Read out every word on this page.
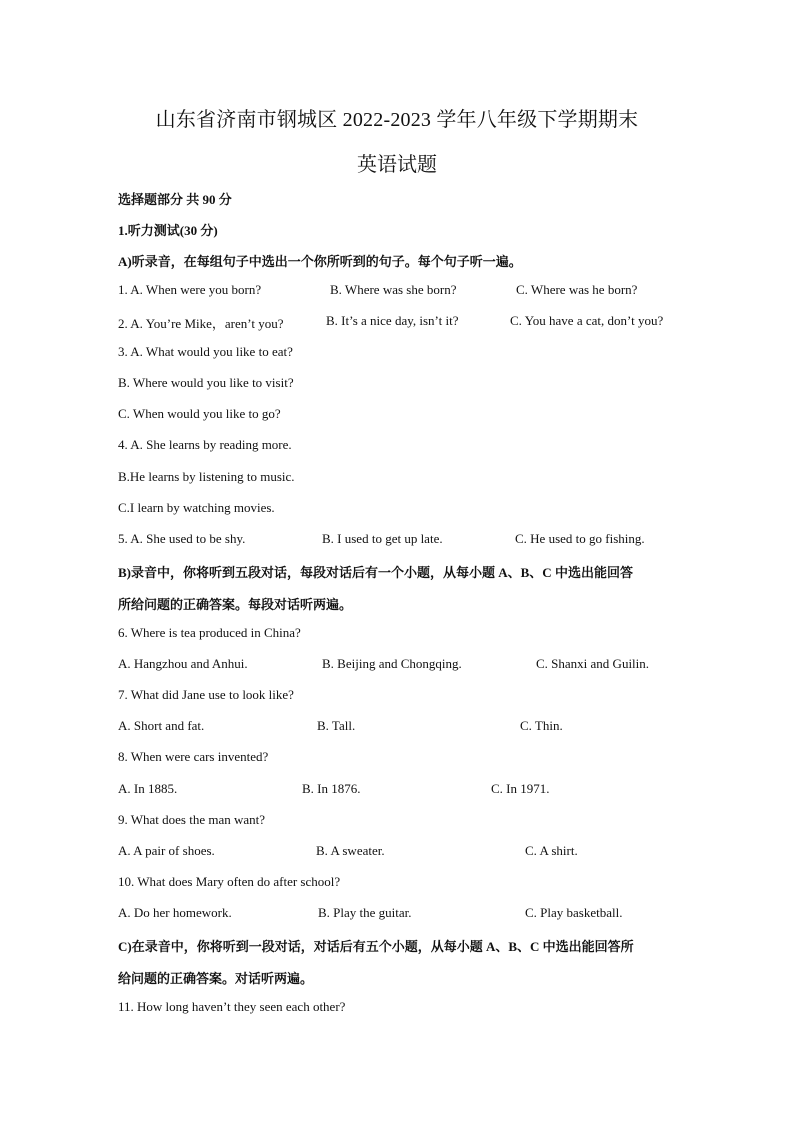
山东省济南市钢城区 2022-2023 学年八年级下学期期末
英语试题
选择题部分 共 90 分
1.听力测试(30 分)
A)听录音，在每组句子中选出一个你所听到的句子。每个句子听一遍。
1. A. When were you born?	B. Where was she born?	C. Where was he born?
2. A. You’re Mike，aren’t you?	B. It’s a nice day, isn’t it?	C. You have a cat, don’t you?
3. A. What would you like to eat?
B. Where would you like to visit?
C. When would you like to go?
4. A. She learns by reading more.
B.He learns by listening to music.
C.I learn by watching movies.
5. A. She used to be shy.	B. I used to get up late.	C. He used to go fishing.
B)录音中，你将听到五段对话，每段对话后有一个小题，从每小题 A、B、C 中选出能回答
所给问题的正确答案。每段对话听两遍。
6. Where is tea produced in China?
A. Hangzhou and Anhui.	B. Beijing and Chongqing.	C. Shanxi and Guilin.
7. What did Jane use to look like?
A. Short and fat.	B. Tall.	C. Thin.
8. When were cars invented?
A. In 1885.	B. In 1876.	C. In 1971.
9. What does the man want?
A. A pair of shoes.	B. A sweater.	C. A shirt.
10. What does Mary often do after school?
A. Do her homework.	B. Play the guitar.	C. Play basketball.
C)在录音中，你将听到一段对话，对话后有五个小题，从每小题 A、B、C 中选出能回答所
给问题的正确答案。对话听两遍。
11. How long haven’t they seen each other?
